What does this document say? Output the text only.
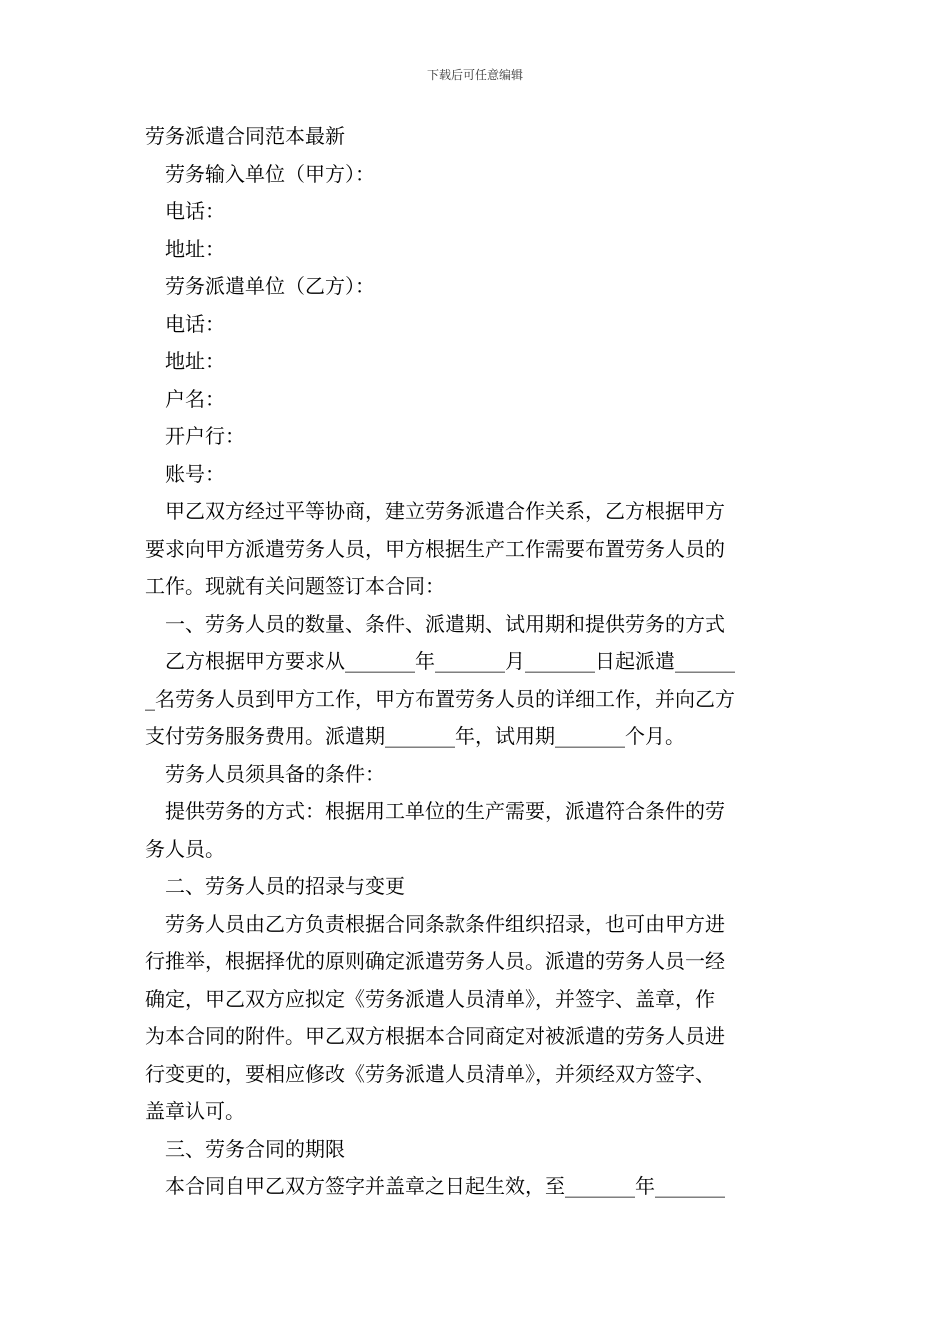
下载后可任意编辑

劳务派遣合同范本最新

劳务输入单位（甲方）：

电话：

地址：

劳务派遣单位（乙方）：

电话：

地址：

户名：

开户行：

账号：

甲乙双方经过平等协商，建立劳务派遣合作关系，乙方根据甲方

要求向甲方派遣劳务人员，甲方根据生产工作需要布置劳务人员的

工作。现就有关问题签订本合同：

一、劳务人员的数量、条件、派遣期、试用期和提供劳务的方式

乙方根据甲方要求从_______年_______月_______日起派遣______

_名劳务人员到甲方工作，甲方布置劳务人员的详细工作，并向乙方

支付劳务服务费用。派遣期_______年，试用期_______个月。

劳务人员须具备的条件：

提供劳务的方式：根据用工单位的生产需要，派遣符合条件的劳

务人员。

二、劳务人员的招录与变更

劳务人员由乙方负责根据合同条款条件组织招录，也可由甲方进

行推举，根据择优的原则确定派遣劳务人员。派遣的劳务人员一经

确定，甲乙双方应拟定《劳务派遣人员清单》，并签字、盖章，作

为本合同的附件。甲乙双方根据本合同商定对被派遣的劳务人员进

行变更的，要相应修改《劳务派遣人员清单》，并须经双方签字、

盖章认可。

三、劳务合同的期限

本合同自甲乙双方签字并盖章之日起生效，至_______年_______
